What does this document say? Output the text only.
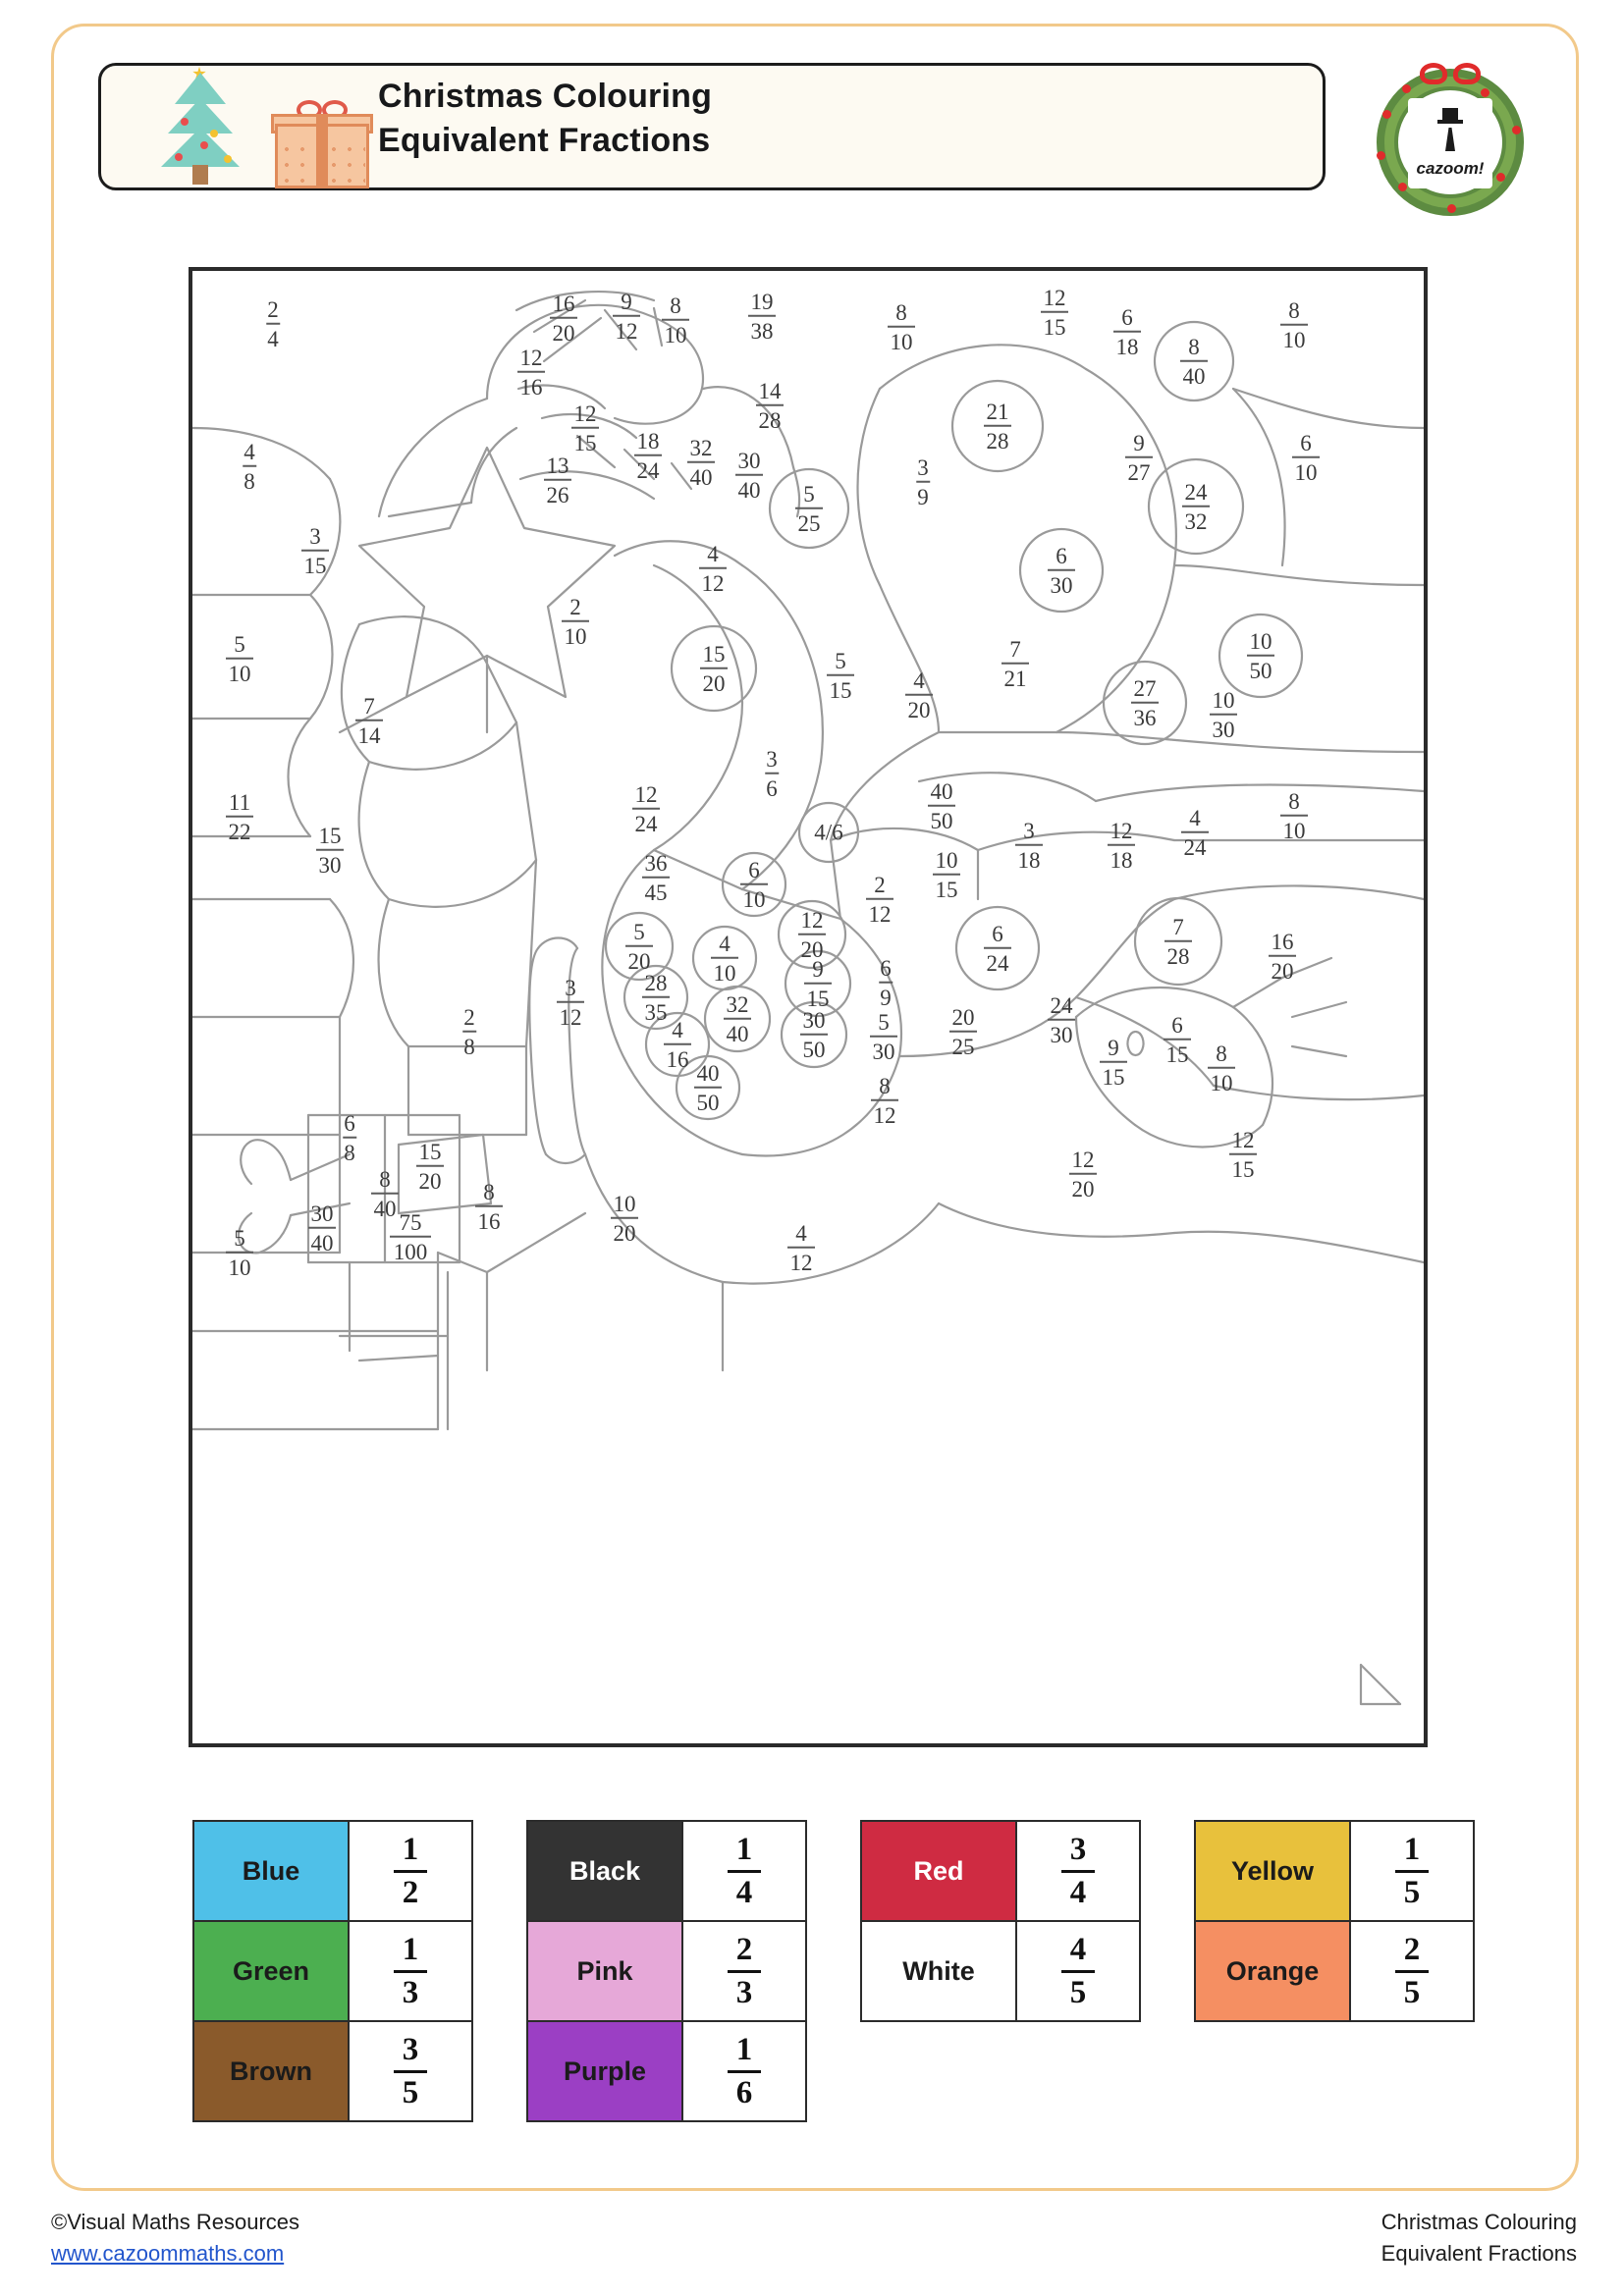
Christmas Colouring
Equivalent Fractions
cazoom!
2
4
16
20
9
12
8
10
19
38
8
10
12
15	6
18	8
40
8
10
12
16	14
28	21
28
12
15 18
24
32
40
30
40
9
27
6
10
4
8
13
26	5
25
3
9	24
32
3
15	4
12
6
30
2
10
5
10
15
20
5
15	4
20
7
21
10
50
27
36
10
30
7
14
3
6
11
22
12
24
40
50
8
10
15
30
4/6	3
18
12
18
4
24
10
15
36
45
6
10
2
12
5
20
12
20
4
10
6
24
7
28
16
20
9
15
28
35
6
9
3
12	32
40
30
50
5
30
20
25
24
30
4
16
2
8
6
15
9
15
8
10
40
50
8
12
6
8	15
20
12
15
8
40
12
20
8
16
10
20
30
40
75
100
4
12
5
10
Blue	$\frac{1}{2}$
Green	$\frac{1}{3}$
Brown	$\frac{3}{5}$
Black	$\frac{1}{4}$
Pink	$\frac{2}{3}$
Purple	$\frac{1}{6}$
Red	$\frac{3}{4}$
White	$\frac{4}{5}$
Yellow	$\frac{1}{5}$
Orange $\frac{2}{5}$
©Visual Maths Resources
www.cazoommaths.com
Christmas Colouring
Equivalent Fractions
